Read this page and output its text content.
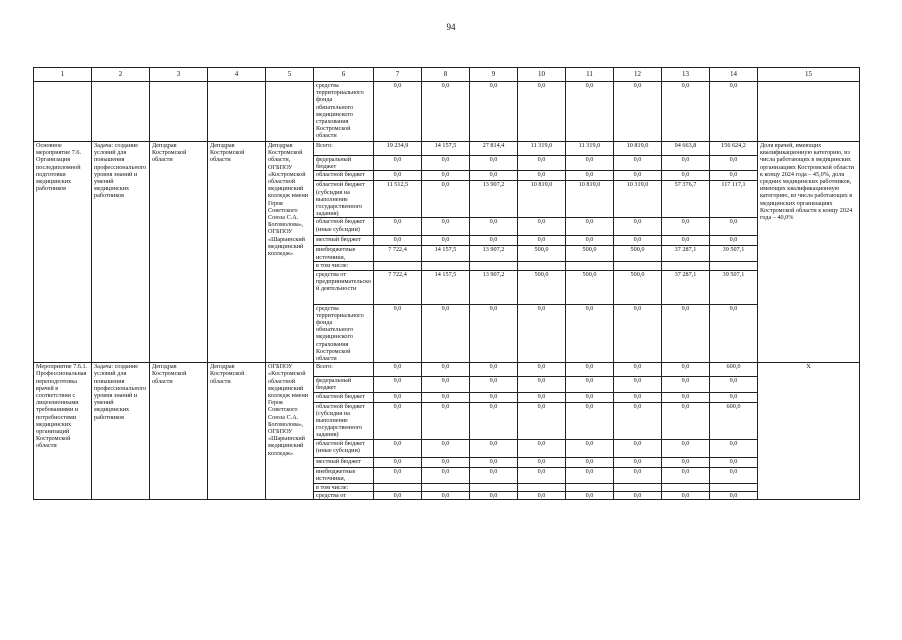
94
1	2	3	4	5	6	7	8	9	10	11	12	13	14	15
					средства территориального фонда обязательного медицинского страхования Костромской области	0,0	0,0	0,0	0,0	0,0	0,0	0,0	0,0	
Основное мероприятие 7.6. Организация последипломной подготовки медицинских работников	Задача: создание условий для повышения профессионального уровня знаний и умений медицинских работников	Депздрав Костромской области	Депздрав Костромской области	Депздрав Костромской области, ОГБПОУ «Костромской областной медицинский колледж имени Героя Советского Союза С.А. Богомолова», ОГБПОУ «Шарьинский медицинский колледж»	Всего:	19 234,9	14 157,5	27 814,4	11 319,0	11 319,0	10 819,0	94 663,8	156 624,2	Доля врачей, имеющих квалификационную категорию, из числа работающих в медицинских организациях Костромской области к концу 2024 года – 45,0%, доля средних медицинских работников, имеющих квалификационную категорию, из числа работающих в медицинских организациях Костромской области к концу 2024 года – 40,0%
					федеральный бюджет	0,0	0,0	0,0	0,0	0,0	0,0	0,0	0,0	
					областной бюджет	0,0	0,0	0,0	0,0	0,0	0,0	0,0	0,0	
					областной бюджет (субсидия на выполнение государственного задания)	11 512,5	0,0	13 907,2	10 819,0	10 819,0	10 319,0	57 376,7	117 117,1	
					областной бюджет (иные субсидии)	0,0	0,0	0,0	0,0	0,0	0,0	0,0	0,0	
					местный бюджет	0,0	0,0	0,0	0,0	0,0	0,0	0,0	0,0	
					внебюджетные источники,	7 722,4	14 157,5	13 907,2	500,0	500,0	500,0	37 287,1	39 507,1	
					в том числе:									
					средства от предпринимательской деятельности	7 722,4	14 157,5	13 907,2	500,0	500,0	500,0	37 287,1	39 507,1	
					средства территориального фонда обязательного медицинского страхования Костромской области	0,0	0,0	0,0	0,0	0,0	0,0	0,0	0,0	
Мероприятие 7.6.1. Профессиональная переподготовка врачей в соответствии с лицензионными требованиями и потребностями медицинских организаций Костромской области	Задача: создание условий для повышения профессионального уровня знаний и умений медицинских работников	Депздрав Костромской области	Депздрав Костромской области	ОГБПОУ «Костромской областной медицинский колледж имени Героя Советского Союза С.А. Богомолова», ОГБПОУ «Шарьинский медицинский колледж»	Всего:	0,0	0,0	0,0	0,0	0,0	0,0	0,0	600,0	Х
					федеральный бюджет	0,0	0,0	0,0	0,0	0,0	0,0	0,0	0,0	
					областной бюджет	0,0	0,0	0,0	0,0	0,0	0,0	0,0	0,0	
					областной бюджет (субсидия на выполнение государственного задания)	0,0	0,0	0,0	0,0	0,0	0,0	0,0	600,0	
					областной бюджет (иные субсидии)	0,0	0,0	0,0	0,0	0,0	0,0	0,0	0,0	
					местный бюджет	0,0	0,0	0,0	0,0	0,0	0,0	0,0	0,0	
					внебюджетные источники,	0,0	0,0	0,0	0,0	0,0	0,0	0,0	0,0	
					в том числе:									
					средства от	0,0	0,0	0,0	0,0	0,0	0,0	0,0	0,0	
